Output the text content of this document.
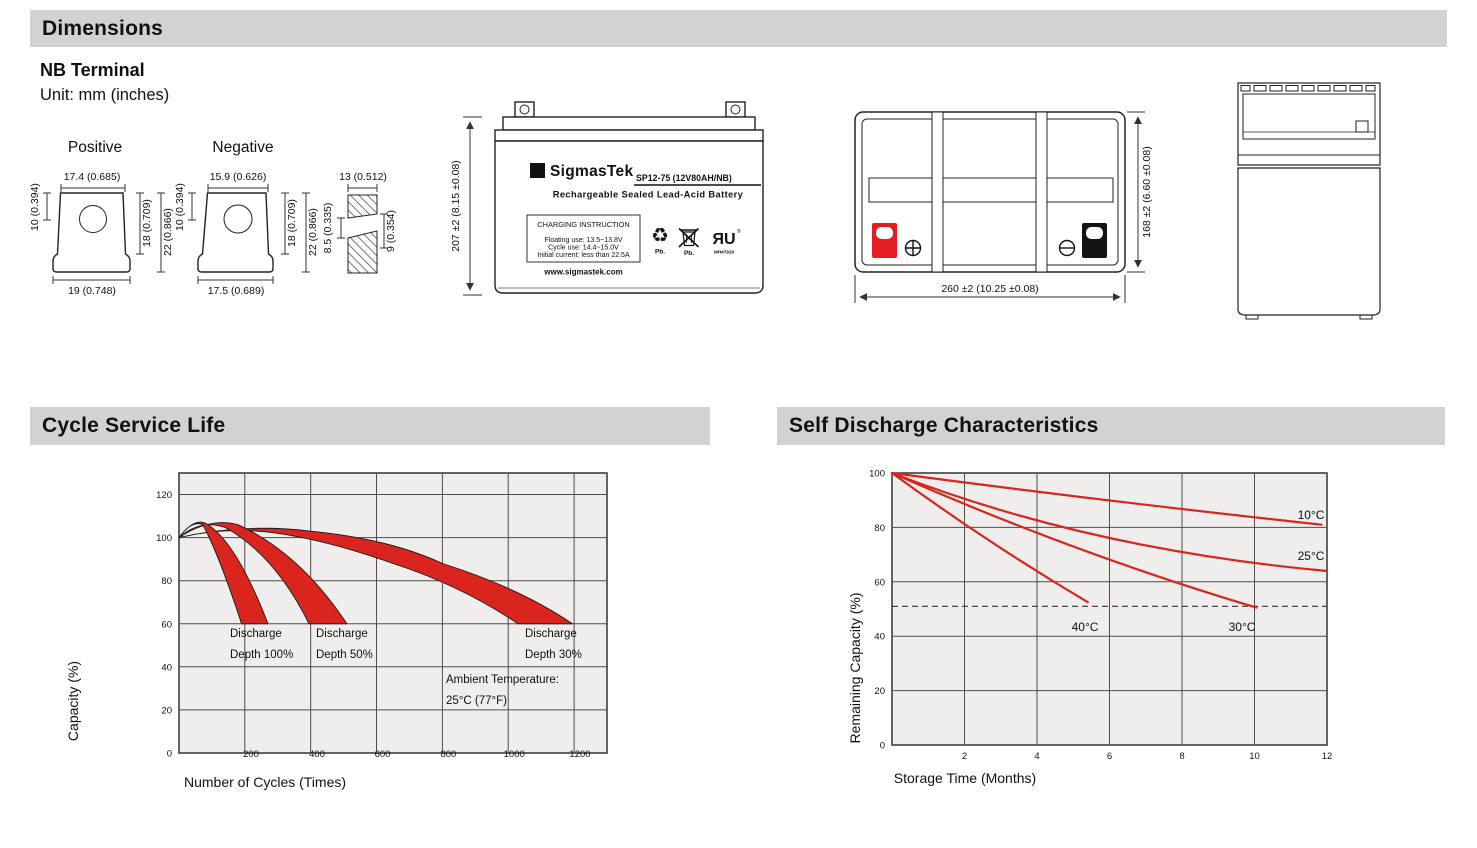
Dimensions
NB Terminal
Unit: mm (inches)
Positive
17.4 (0.685)
10 (0.394)	18 (0.709) 22 (0.866)
19 (0.748)
Negative
15.9 (0.626)
10 (0.394)	18 (0.709) 22 (0.866)
17.5 (0.689)
13 (0.512)
8.5 (0.335)	9 (0.354)	207 ±2 (8.15 ±0.08)	Σ SigmasTek SP12-75 (12V80AH/NB)
Rechargeable Sealed Lead-Acid Battery
CHARGING INSTRUCTION
Floating use: 13.5~13.8V
Cycle use: 14.4~15.0V
Initial current: less than 22.5A
www.sigmastek.com
♻
Pb.	Pb.
ЯU ®
MH47929
260 ±2 (10.25 ±0.08)
168 ±2 (6.60 ±0.08)
Cycle Service Life	Self Discharge Characteristics
120
100
80
60
40
20
0	200	400	600	800	1000	1200
Discharge
Depth 100%
Discharge
Depth 50%
Discharge
Depth 30%
Ambient Temperature:
25°C (77°F)
Capacity (%)
Number of Cycles (Times)
100
80
60
40
20
0
2	4	6	8	10	12
10°C
25°C
30°C
40°C
Remaining Capacity (%)
Storage Time (Months)
